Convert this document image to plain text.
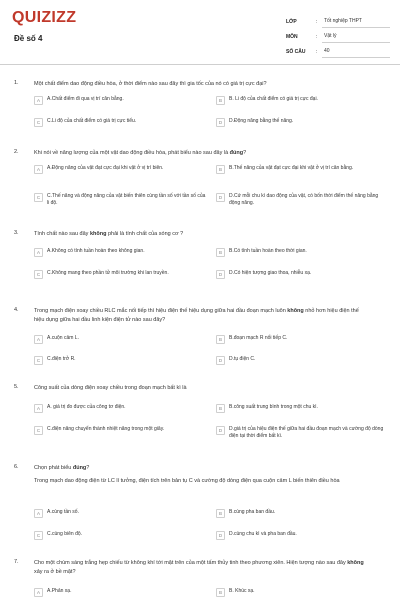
QUIZIZZ
Đề số 4
LỚP	:	Tốt nghiệp THPT
MÔN	:	Vật lý
SỐ CÂU	:	40
1.	Một chất điểm dao động điều hòa, ở thời điểm nào sau đây thì gia tốc của nó có giá trị cực đại?
A	A.Chất điểm đi qua vị trí cân bằng.	B	B. Li độ của chất điểm có giá trị cực đại.
C	C.Li độ của chất điểm có giá trị cực tiểu.	D	D.Động năng bằng thế năng.
2.	Khi nói về năng lượng của một vật dao động điều hòa, phát biểu nào sau đây là đúng?
A	A.Động năng của vật đạt cực đại khi vật ở vị trí biên.	B	B.Thế năng của vật đạt cực đại khi vật ở vị trí cân bằng.
C	C.Thế năng và động năng của vật biến thiên cùng tần số với tần số của li độ.
D	D.Cứ mỗi chu kì dao động của vật, có bốn thời điểm thế năng bằng động năng.
3.	Tính chất nào sau đây không phải là tính chất của sóng cơ ?
A	A.Không có tính tuần hoàn theo không gian.	B	B.Có tính tuần hoàn theo thời gian.
C	C.Không mang theo phần tử môi trường khi lan truyền.	D	D.Có hiện tượng giao thoa, nhiễu xạ.
4.	Trong mạch điện xoay chiều RLC mắc nối tiếp thì hiệu điện thế hiệu dụng giữa hai đầu đoạn mạch luôn không nhỏ hơn hiệu điện thế hiệu dụng giữa hai đầu linh kiện điện tử nào sau đây?
A	A.cuộn cảm L.	B	B.đoạn mạch R nối tiếp C.
C	C.điện trở R.	D	D.tụ điện C.
5.	Công suất của dòng điện xoay chiều trong đoạn mạch bất kì là
A	A. giá trị đo được của công tơ điện.	B	B.công suất trung bình trong một chu kì.
C	C.điện năng chuyển thành nhiệt năng trong một giây.	D	D.giá trị của hiệu điện thế giữa hai đầu đoạn mạch và cường độ dòng điện tại thời điểm bất kì.
6.	Chọn phát biểu đúng?
Trong mạch dao động điện từ LC lí tưởng, điện tích trên bản tụ C và cường độ dòng điện qua cuộn cảm L biến thiên điều hòa
A	A.cùng tần số.	B	B.cùng pha ban đầu.
C	C.cùng biên độ.	D	D.cùng chu kì và pha ban đầu.
7.	Cho một chùm sáng trắng hẹp chiếu từ không khí tới mặt trên của một tấm thủy tinh theo phương xiên. Hiện tượng nào sau đây không xảy ra ở bề mặt?
A	A.Phản xạ.	B	B. Khúc xạ.
